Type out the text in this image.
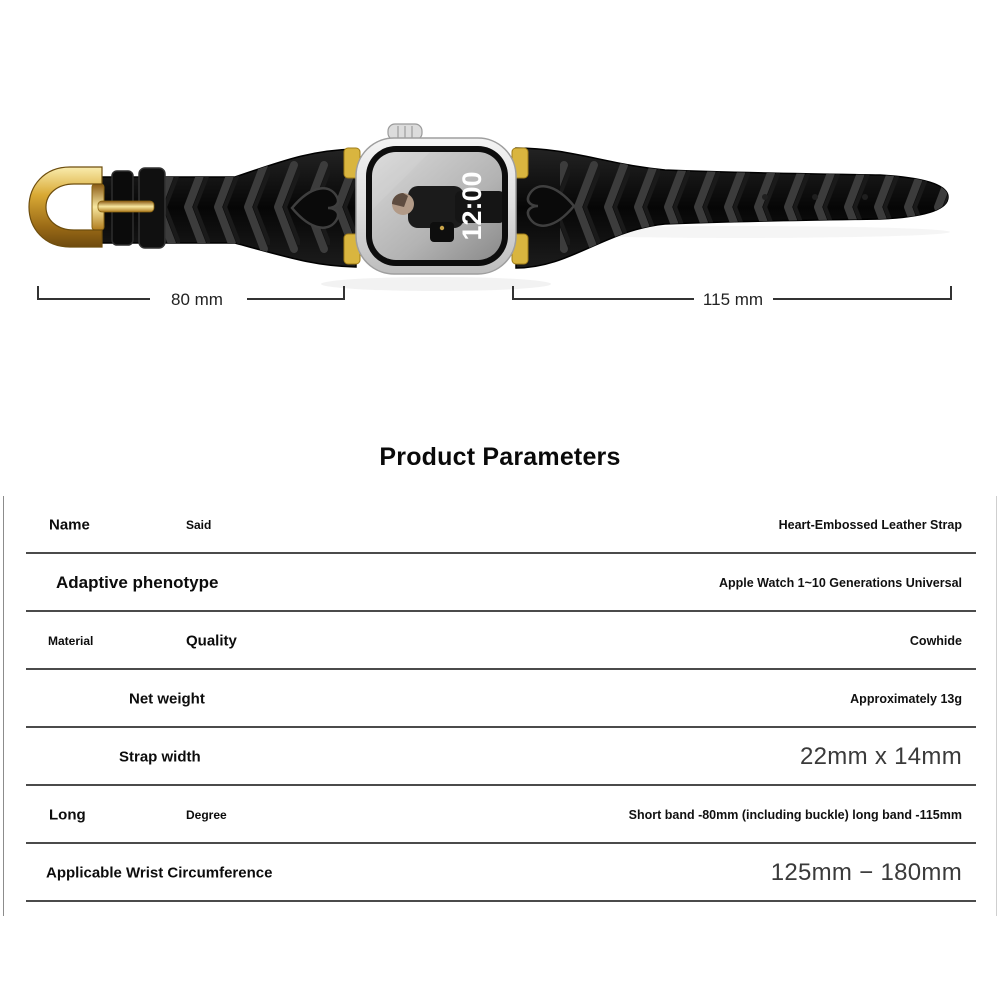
12:00
80 mm	115 mm
Product Parameters
Name	Said	Heart-Embossed Leather Strap
Adaptive phenotype	Apple Watch 1~10 Generations Universal
Material	Quality	Cowhide
Net weight	Approximately 13g
Strap width	22mm x 14mm
Long	Degree	Short band -80mm (including buckle) long band -115mm
Applicable Wrist Circumference	125mm − 180mm
